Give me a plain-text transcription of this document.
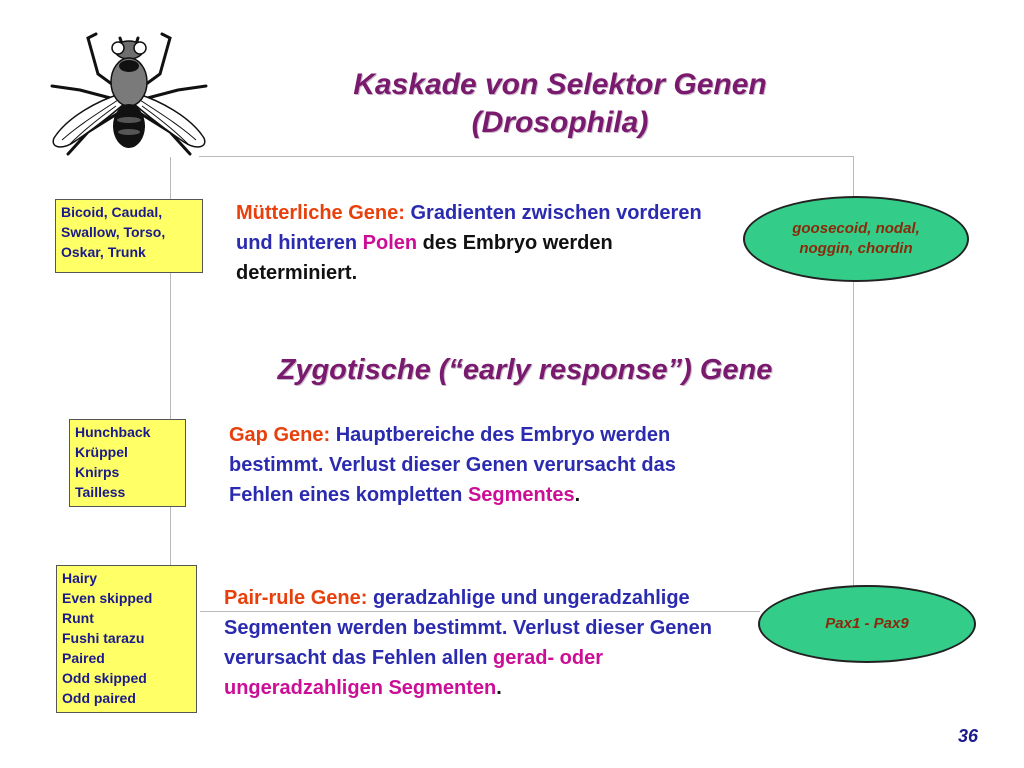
Kaskade von Selektor Genen
(Drosophila)
Bicoid, Caudal,
Swallow, Torso,
Oskar, Trunk
Mütterliche Gene: Gradienten zwischen vorderen und hinteren Polen des Embryo werden determiniert.
goosecoid, nodal, noggin, chordin
Zygotische (“early response”) Gene
Hunchback
Krüppel
Knirps
Tailless
Gap Gene: Hauptbereiche des Embryo werden bestimmt. Verlust dieser Genen verursacht das Fehlen eines kompletten Segmentes.
Hairy
Even skipped
Runt
Fushi tarazu
Paired
Odd skipped
Odd paired
Pair-rule Gene: geradzahlige und ungeradzahlige Segmenten werden bestimmt. Verlust dieser Genen verursacht das Fehlen allen gerad- oder ungeradzahligen Segmenten.
Pax1 - Pax9
36
